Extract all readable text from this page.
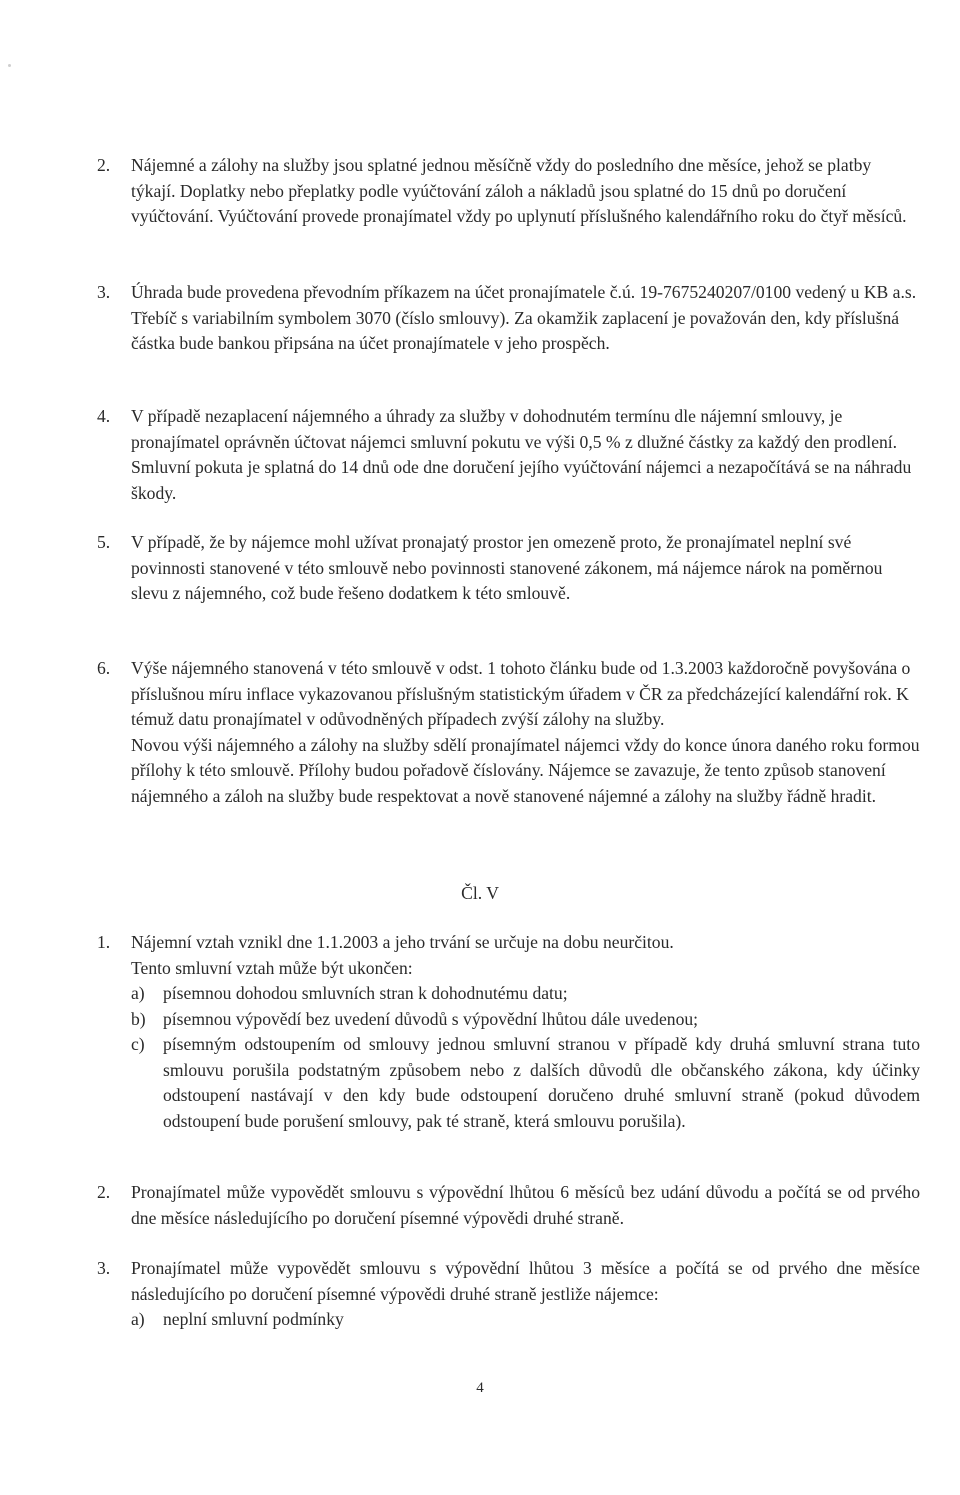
2.	Nájemné a zálohy na služby jsou splatné jednou měsíčně vždy do posledního dne měsíce, jehož se platby týkají. Doplatky nebo přeplatky podle vyúčtování záloh a nákladů jsou splatné do 15 dnů po doručení vyúčtování. Vyúčtování provede pronajímatel vždy po uplynutí příslušného kalendářního roku do čtyř měsíců.
3.	Úhrada bude provedena převodním příkazem na účet pronajímatele č.ú. 19-7675240207/0100 vedený u KB a.s. Třebíč s variabilním symbolem 3070 (číslo smlouvy). Za okamžik zaplacení je považován den, kdy příslušná částka bude bankou připsána na účet pronajímatele v jeho prospěch.
4.	V případě nezaplacení nájemného a úhrady za služby v dohodnutém termínu dle nájemní smlouvy, je pronajímatel oprávněn účtovat nájemci smluvní pokutu ve výši 0,5 % z dlužné částky za každý den prodlení. Smluvní pokuta je splatná do 14 dnů ode dne doručení jejího vyúčtování nájemci a nezapočítává se na náhradu škody.
5.	V případě, že by nájemce mohl užívat pronajatý prostor jen omezeně proto, že pronajímatel neplní své povinnosti stanovené v této smlouvě nebo povinnosti stanovené zákonem, má nájemce nárok na poměrnou slevu z nájemného, což bude řešeno dodatkem k této smlouvě.
6.	Výše nájemného stanovená v této smlouvě v odst. 1 tohoto článku bude od 1.3.2003 každoročně povyšována o příslušnou míru inflace vykazovanou příslušným statistickým úřadem v ČR za předcházející kalendářní rok. K témuž datu pronajímatel v odůvodněných případech zvýší zálohy na služby.
Novou výši nájemného a zálohy na služby sdělí pronajímatel nájemci vždy do konce února daného roku formou přílohy k této smlouvě. Přílohy budou pořadově číslovány. Nájemce se zavazuje, že tento způsob stanovení nájemného a záloh na služby bude respektovat a nově stanovené nájemné a zálohy na služby řádně hradit.
Čl. V
1.	Nájemní vztah vznikl dne 1.1.2003 a jeho trvání se určuje na dobu neurčitou.
Tento smluvní vztah může být ukončen:
a) písemnou dohodou smluvních stran k dohodnutému datu;
b) písemnou výpovědí bez uvedení důvodů s výpovědní lhůtou dále uvedenou;
c) písemným odstoupením od smlouvy jednou smluvní stranou v případě kdy druhá smluvní strana tuto smlouvu porušila podstatným způsobem nebo z dalších důvodů dle občanského zákona, kdy účinky odstoupení nastávají v den kdy bude odstoupení doručeno druhé smluvní straně (pokud důvodem odstoupení bude porušení smlouvy, pak té straně, která smlouvu porušila).
2.	Pronajímatel může vypovědět smlouvu s výpovědní lhůtou 6 měsíců bez udání důvodu a počítá se od prvého dne měsíce následujícího po doručení písemné výpovědi druhé straně.
3.	Pronajímatel může vypovědět smlouvu s výpovědní lhůtou 3 měsíce a počítá se od prvého dne měsíce následujícího po doručení písemné výpovědi druhé straně jestliže nájemce:
a) neplní smluvní podmínky
4
